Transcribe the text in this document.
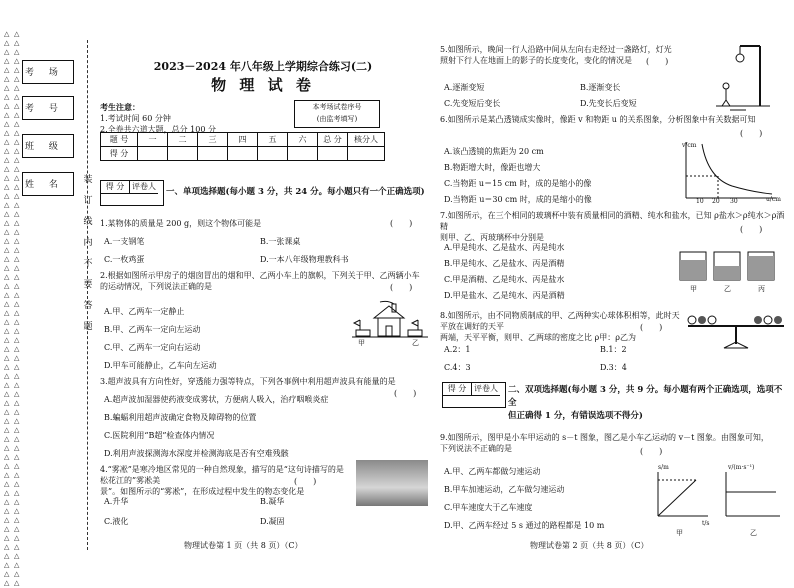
△△△△△△△△△△△△△△△△△△△△△△△△△△△△△△△△△△△△△△△△△△△△△△△△△△△△△△△△△△△△△△
△△△△△△△△△△△△△△△△△△△△△△△△△△△△△△△△△△△△△△△△△△△△△△△△△△△△△△△△△△△△△△
考 场
考 号
班 级
姓 名 装 订 线 内 不 要 答 题
2023－2024 年八年级上学期综合练习(二)
物 理 试 卷
考生注意：
1.考试时间 60 分钟
2.全卷共六道大题，总分 100 分
本考场试卷序号
(由监考填写)
题 号	一	二	三	四	五	六	总 分	核分人
得 分								
得 分 评卷人
一、单项选择题(每小题 3 分，共 24 分。每小题只有一个正确选项)
1.某物体的质量是 200 g，则这个物体可能是	(　　)
A.一支钢笔	B.一张课桌
C.一枚鸡蛋	D.一本八年级物理教科书
2.根据如图所示甲房子的烟囱冒出的烟和甲、乙两小车上的旗帜，下列关于甲、乙两辆小车
的运动情况，下列说法正确的是	(　　)
A.甲、乙两车一定静止
B.甲、乙两车一定向左运动
C.甲、乙两车一定向右运动
D.甲车可能静止，乙车向左运动
甲	乙
3.超声波具有方向性好，穿透能力强等特点，下列各事例中利用超声波具有能量的是
(　　)
A.超声波加湿器使药液变成雾状，方便病人吸入，治疗咽喉炎症
B.蝙蝠利用超声波确定食物及障碍物的位置
C.医院利用“B超”检查体内情况
D.利用声波探测海水深度并检测海底是否有空难残骸
4.“雾凇”是寒冷地区常见的一种自然现象，描写的是“这句诗描写的是松花江的”雾凇美
景”。如图所示的“雾凇”，在形成过程中发生的物态变化是
(　　)
A.升华	B.凝华
C.液化	D.凝固
物理试卷第 1 页（共 8 页）（C）
5.如图所示，晚间一行人沿路中间从左向右走经过一盏路灯，灯光
照射下行人在地面上的影子的长度变化，变化的情况是	(　　)
A.逐渐变短	B.逐渐变长
C.先变短后变长	D.先变长后变短
6.如图所示是某凸透镜成实像时，像距 v 和物距 u 的关系图象，分析图象中有关数据可知
(　　)
A.该凸透镜的焦距为 20 cm
B.物距增大时，像距也增大
C.当物距 u＝15 cm 时，成的是缩小的像
D.当物距 u＝30 cm 时，成的是缩小的像
v/cm
u/cm
10 20 30
7.如图所示，在三个相同的玻璃杯中装有质量相同的酒精、纯水和盐水，已知 ρ盐水＞ρ纯水＞ρ酒精
则甲、乙、丙玻璃杯中分别是
(　　)
A.甲是纯水、乙是盐水、丙是纯水
B.甲是纯水、乙是盐水、丙是酒精
C.甲是酒精、乙是纯水、丙是盐水
D.甲是盐水、乙是纯水、丙是酒精
甲	乙	丙
8.如图所示，由不同物质制成的甲、乙两种实心球体积相等，此时天平放在调好的天平
两端，天平平衡，则甲、乙两球的密度之比 ρ甲：ρ乙为
(　　)
A.2：1	B.1：2
C.4：3	D.3：4
得 分 评卷人	二、双项选择题(每小题 3 分，共 9 分。每小题有两个正确选项，选项不全
但正确得 1 分，有错误选项不得分)
9.如图所示，图甲是小车甲运动的 s－t 图象，图乙是小车乙运动的 v－t 图象。由图象可知，
下列说法不正确的是	(　　)
A.甲、乙两车都做匀速运动
B.甲车加速运动，乙车做匀速运动
C.甲车速度大于乙车速度
D.甲、乙两车经过 5 s 通过的路程都是 10 m
s/m	v/(m·s⁻¹)
t/s
甲	乙
物理试卷第 2 页（共 8 页）（C）
